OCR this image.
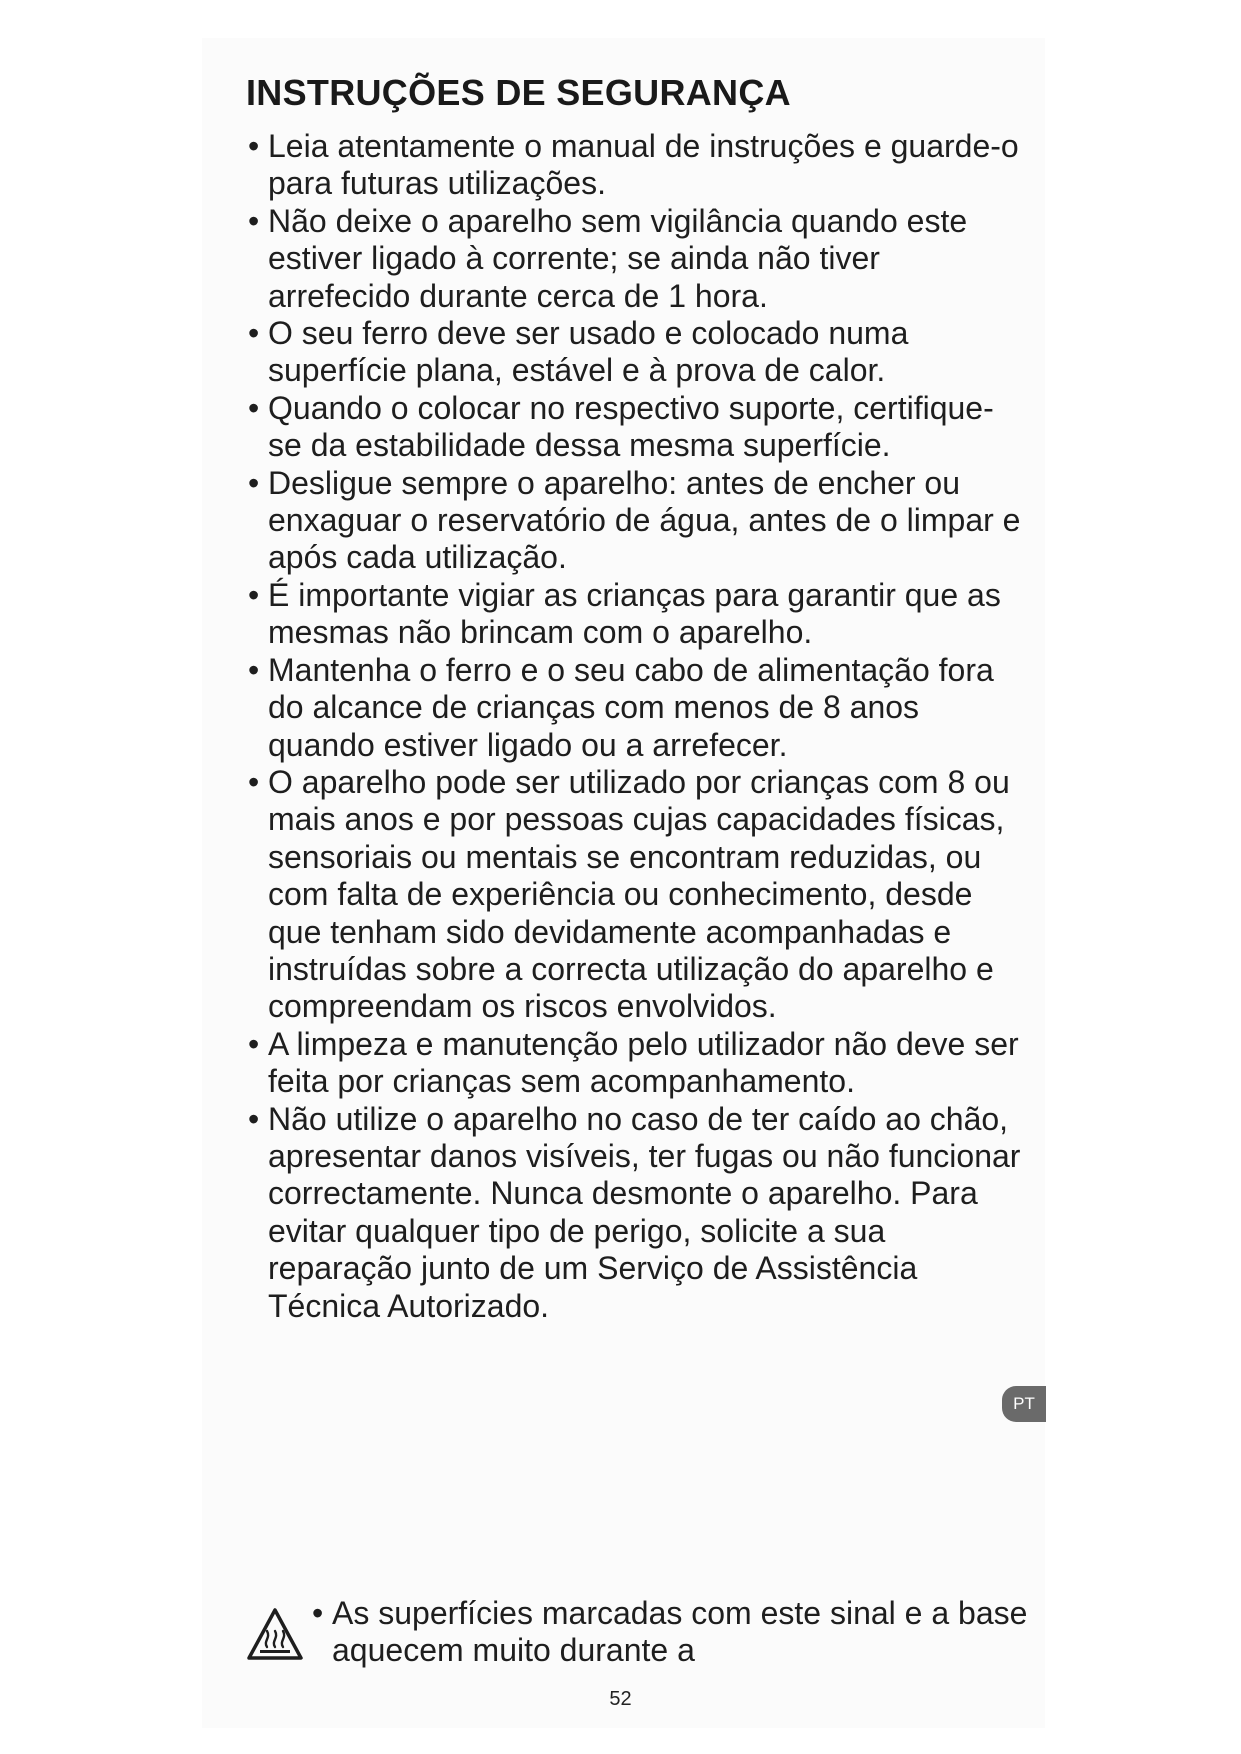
INSTRUÇÕES DE SEGURANÇA
• Leia atentamente o manual de instruções e guarde-o para futuras utilizações.
• Não deixe o aparelho sem vigilância quando este estiver ligado à corrente; se ainda não tiver arrefecido durante cerca de 1 hora.
• O seu ferro deve ser usado e colocado numa superfície plana, estável e à prova de calor.
• Quando o colocar no respectivo suporte, certifique-se da estabilidade dessa mesma superfície.
• Desligue sempre o aparelho: antes de encher ou enxaguar o reservatório de água, antes de o limpar e após cada utilização.
• É importante vigiar as crianças para garantir que as mesmas não brincam com o aparelho.
• Mantenha o ferro e o seu cabo de alimentação fora do alcance de crianças com menos de 8 anos quando estiver ligado ou a arrefecer.
• O aparelho pode ser utilizado por crianças com 8 ou mais anos e por pessoas cujas capacidades físicas, sensoriais ou mentais se encontram reduzidas, ou com falta de experiência ou conhecimento, desde que tenham sido devidamente acompanhadas e instruídas sobre a correcta utilização do aparelho e compreendam os riscos envolvidos.
• A limpeza e manutenção pelo utilizador não deve ser feita por crianças sem acompanhamento.
• Não utilize o aparelho no caso de ter caído ao chão, apresentar danos visíveis, ter fugas ou não funcionar correctamente. Nunca desmonte o aparelho. Para evitar qualquer tipo de perigo, solicite a sua reparação junto de um Serviço de Assistência Técnica Autorizado.

• As superfícies marcadas com este sinal e a base aquecem muito durante a

PT
52
